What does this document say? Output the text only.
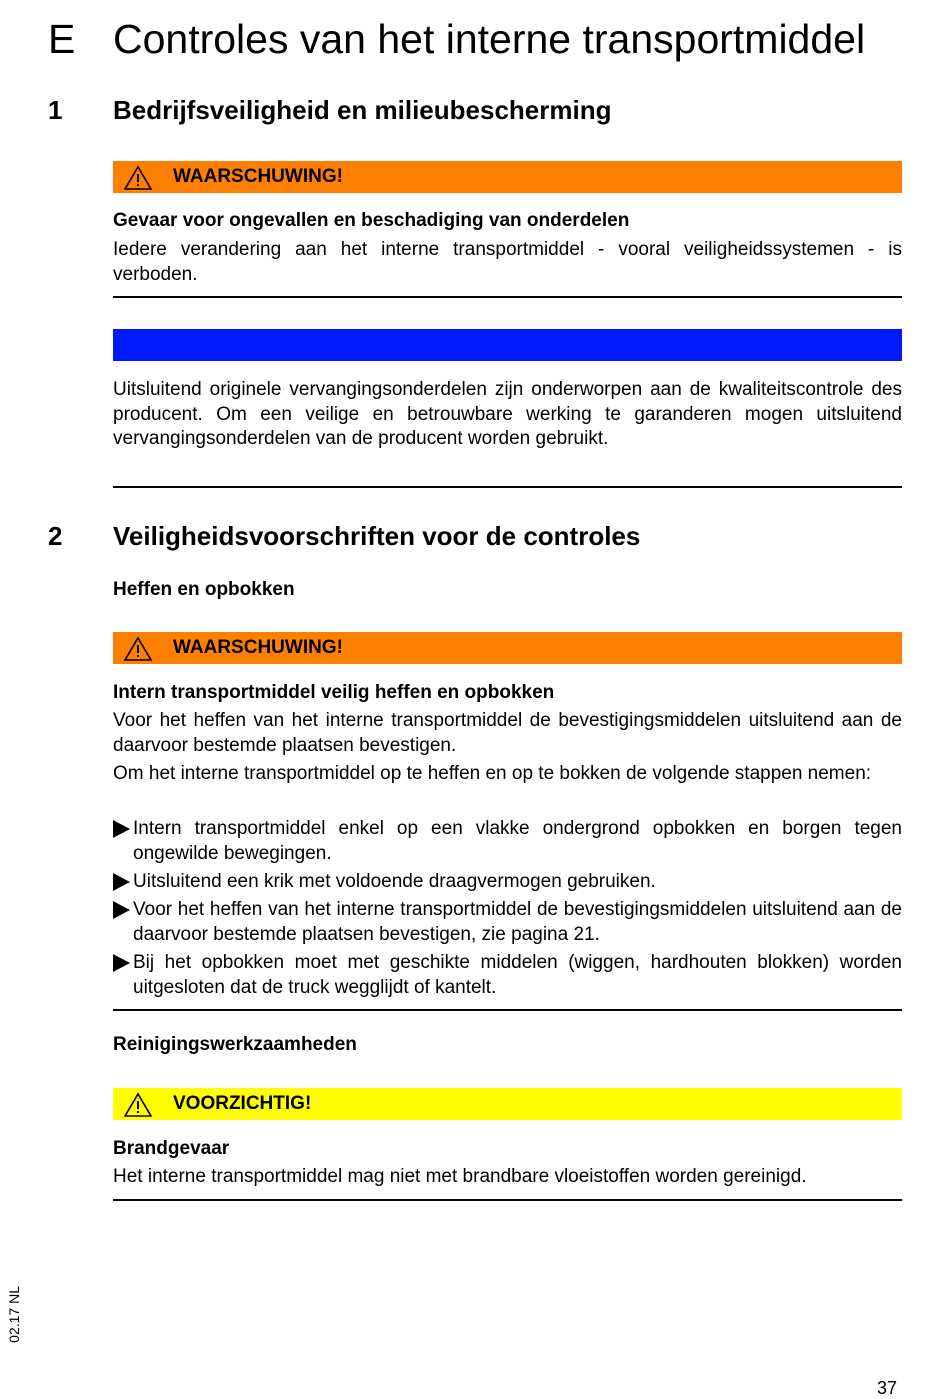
E Controles van het interne transportmiddel
1 Bedrijfsveiligheid en milieubescherming
WAARSCHUWING!
Gevaar voor ongevallen en beschadiging van onderdelen
Iedere verandering aan het interne transportmiddel - vooral veiligheidssystemen - is verboden.
Uitsluitend originele vervangingsonderdelen zijn onderworpen aan de kwaliteitscontrole des producent. Om een veilige en betrouwbare werking te garanderen mogen uitsluitend vervangingsonderdelen van de producent worden gebruikt.
2 Veiligheidsvoorschriften voor de controles
Heffen en opbokken
WAARSCHUWING!
Intern transportmiddel veilig heffen en opbokken
Voor het heffen van het interne transportmiddel de bevestigingsmiddelen uitsluitend aan de daarvoor bestemde plaatsen bevestigen.
Om het interne transportmiddel op te heffen en op te bokken de volgende stappen nemen:
Intern transportmiddel enkel op een vlakke ondergrond opbokken en borgen tegen ongewilde bewegingen.
Uitsluitend een krik met voldoende draagvermogen gebruiken.
Voor het heffen van het interne transportmiddel de bevestigingsmiddelen uitsluitend aan de daarvoor bestemde plaatsen bevestigen, zie pagina 21.
Bij het opbokken moet met geschikte middelen (wiggen, hardhouten blokken) worden uitgesloten dat de truck wegglijdt of kantelt.
Reinigingswerkzaamheden
VOORZICHTIG!
Brandgevaar
Het interne transportmiddel mag niet met brandbare vloeistoffen worden gereinigd.
02.17 NL
37
